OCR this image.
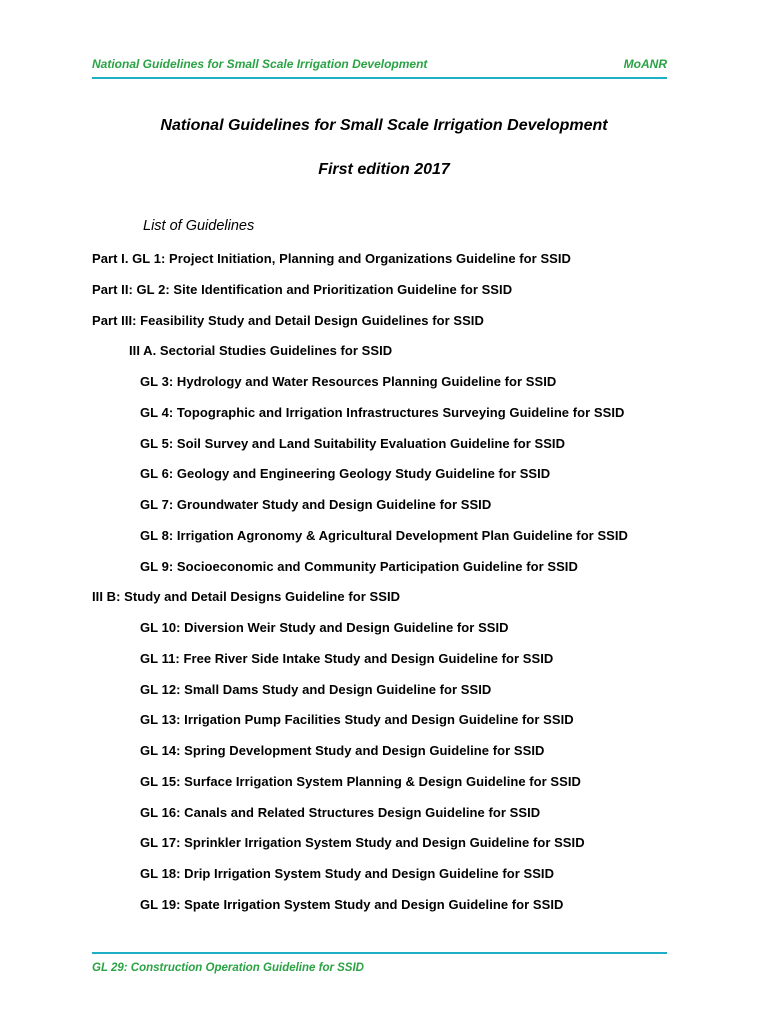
National Guidelines for Small Scale Irrigation Development	MoANR
National Guidelines for Small Scale Irrigation Development
First edition 2017
List of Guidelines
Part I. GL 1: Project Initiation, Planning and Organizations Guideline for SSID
Part II: GL 2: Site Identification and Prioritization Guideline for SSID
Part III: Feasibility Study and Detail Design Guidelines for SSID
III A. Sectorial Studies Guidelines for SSID
GL 3: Hydrology and Water Resources Planning Guideline for SSID
GL 4: Topographic and Irrigation Infrastructures Surveying Guideline for SSID
GL 5: Soil Survey and Land Suitability Evaluation Guideline for SSID
GL 6: Geology and Engineering Geology Study Guideline for SSID
GL 7: Groundwater Study and Design Guideline for SSID
GL 8: Irrigation Agronomy & Agricultural Development Plan Guideline for SSID
GL 9: Socioeconomic and Community Participation Guideline for SSID
III B: Study and Detail Designs Guideline for SSID
GL 10: Diversion Weir Study and Design Guideline for SSID
GL 11: Free River Side Intake Study and Design Guideline for SSID
GL 12: Small Dams Study and Design Guideline for SSID
GL 13: Irrigation Pump Facilities Study and Design Guideline for SSID
GL 14: Spring Development Study and Design Guideline for SSID
GL 15: Surface Irrigation System Planning & Design Guideline for SSID
GL 16: Canals and Related Structures Design Guideline for SSID
GL 17: Sprinkler Irrigation System Study and Design Guideline for SSID
GL 18: Drip Irrigation System Study and Design Guideline for SSID
GL 19: Spate Irrigation System Study and Design Guideline for SSID
GL 29: Construction Operation Guideline for SSID
